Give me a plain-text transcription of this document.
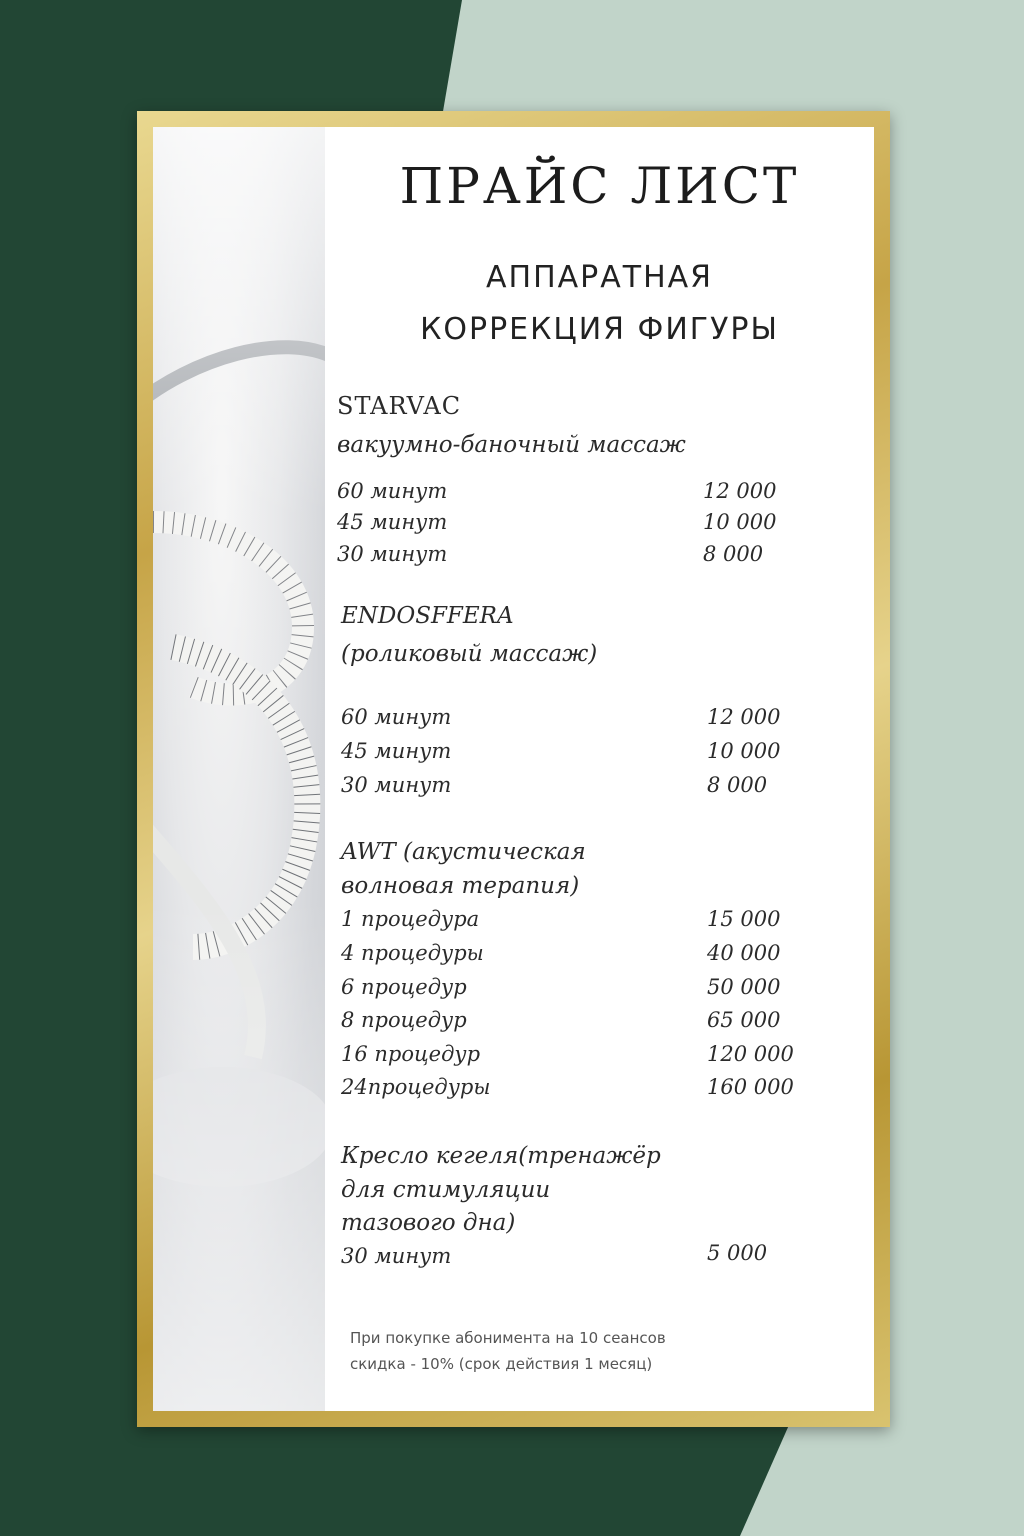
ПРАЙС ЛИСТ
АППАРАТНАЯ
КОРРЕКЦИЯ ФИГУРЫ
STARVAC
вакуумно-баночный массаж
60 минут	12 000
45 минут	10 000
30 минут	8 000
ENDOSFFERA
(роликовый массаж)
60 минут	12 000
45 минут	10 000
30 минут	8 000
AWT (акустическая
волновая терапия)
1 процедура	15 000
4 процедуры	40 000
6 процедур	50 000
8 процедур	65 000
16 процедур	120 000
24процедуры	160 000
Кресло кегеля(тренажёр
для стимуляции
тазового дна)
30 минут	5 000
При покупке абонимента на 10 сеансов
скидка - 10% (срок действия 1 месяц)
